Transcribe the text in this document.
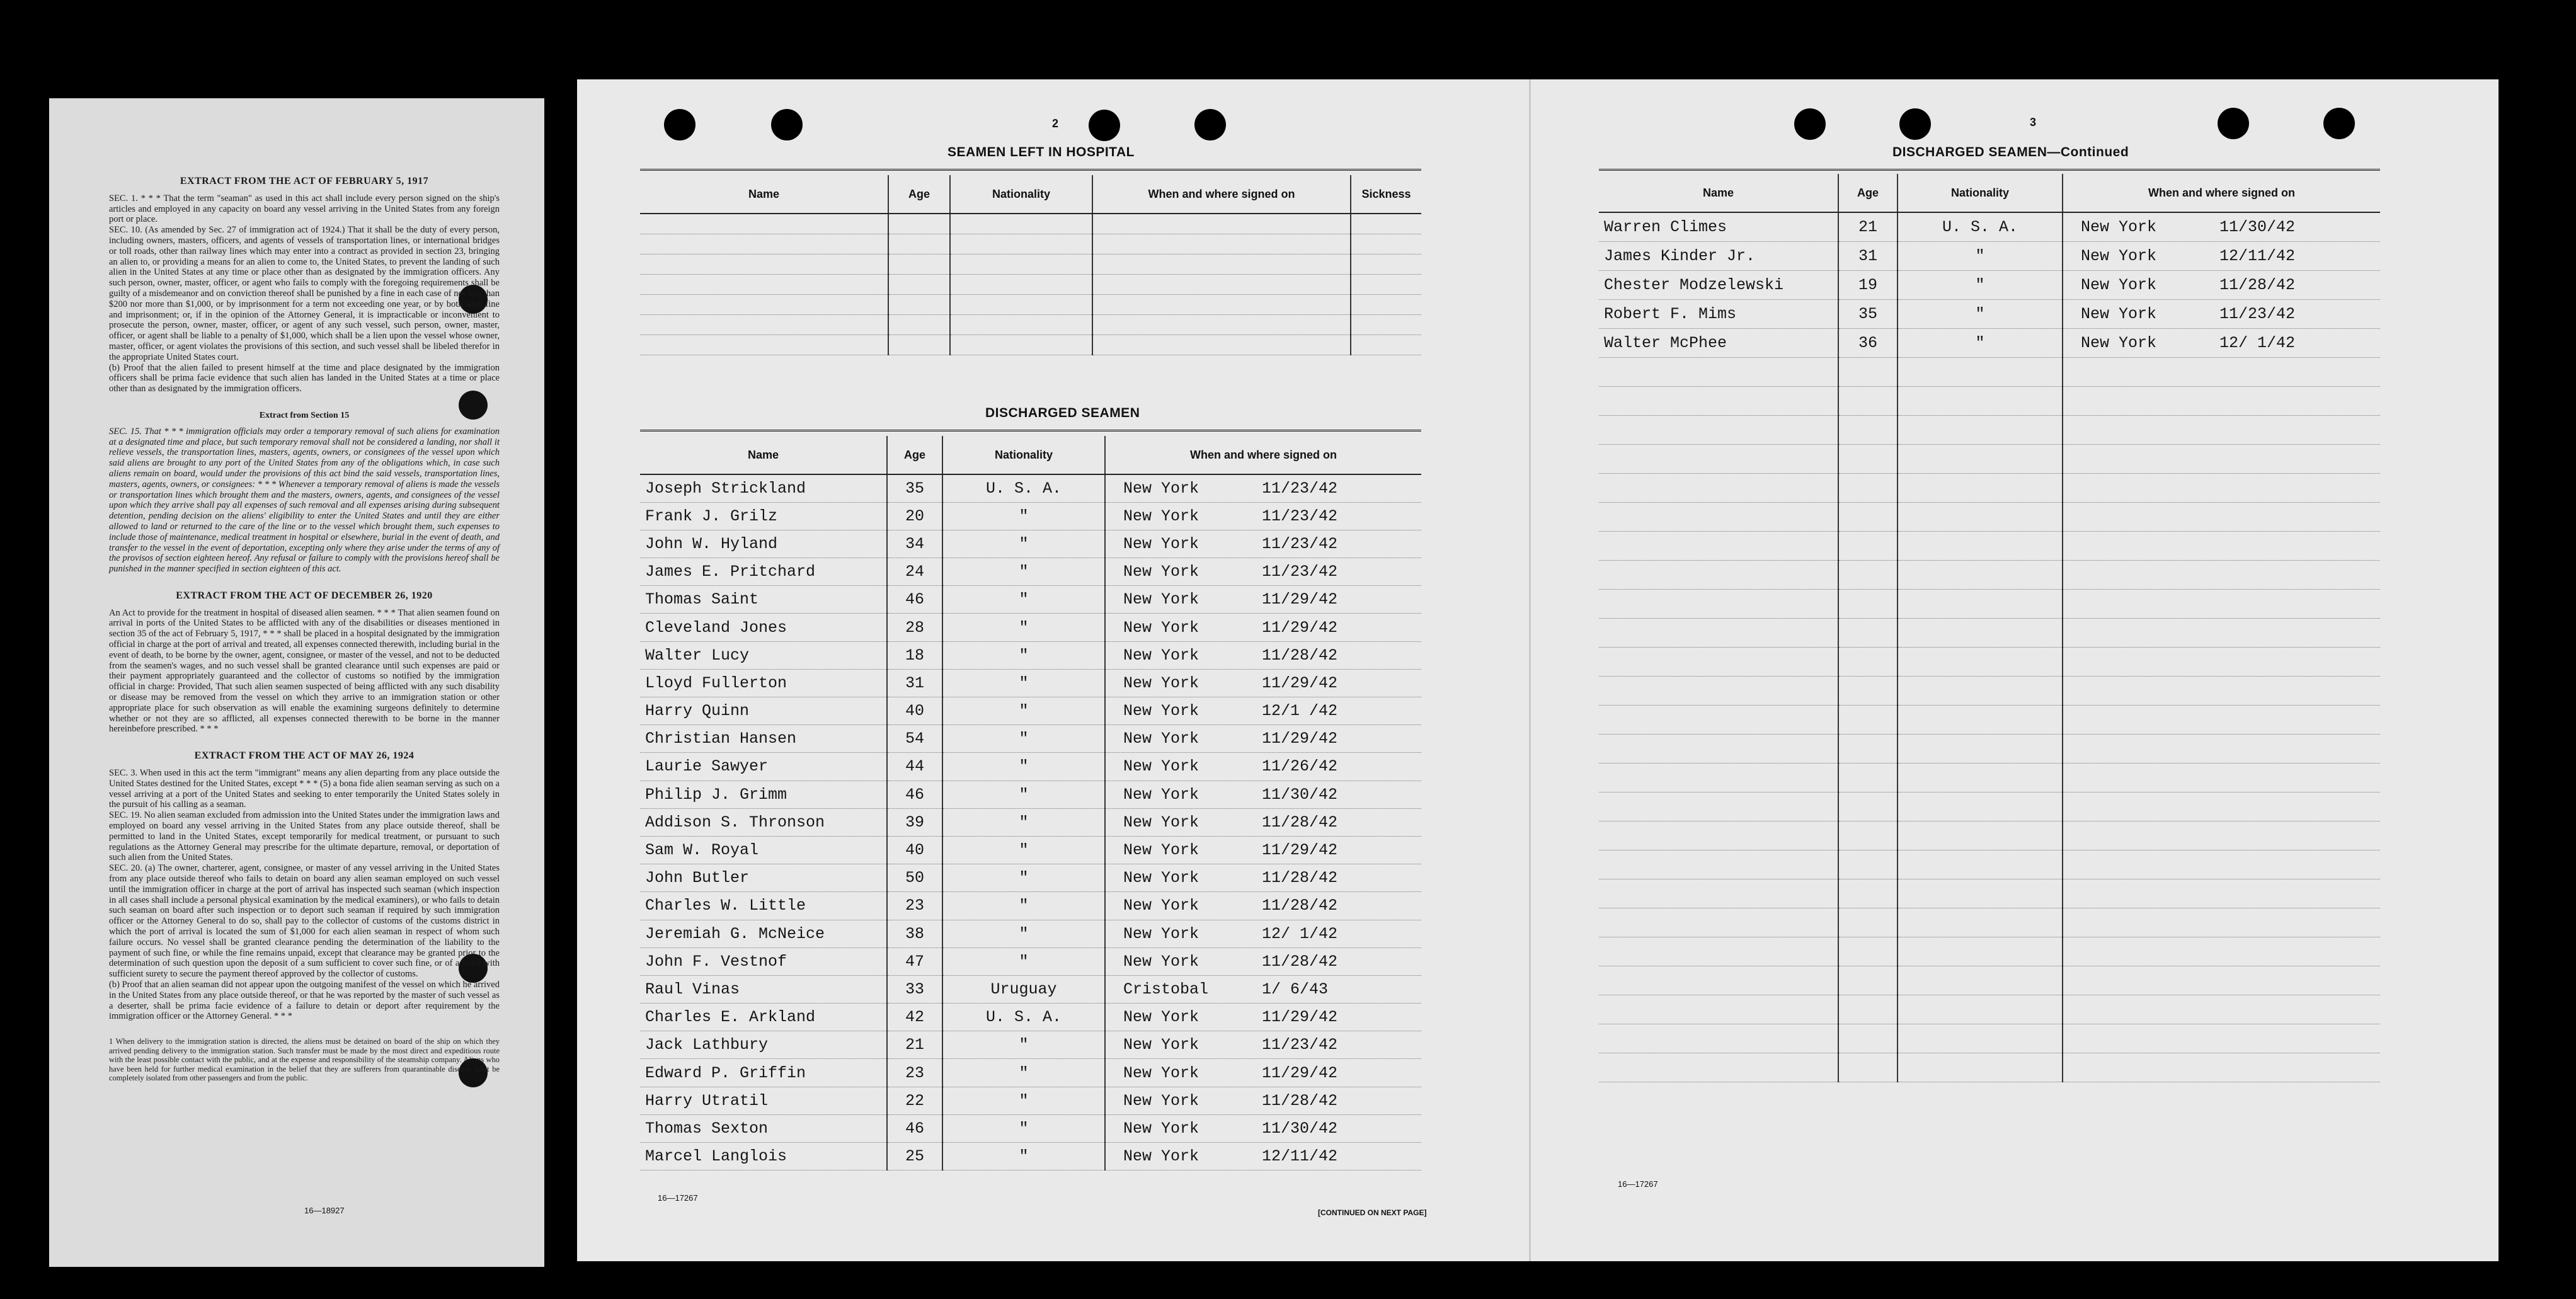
EXTRACT FROM THE ACT OF FEBRUARY 5, 1917

SEC. 1. * * * That the term "seaman" as used in this act shall include every person signed on the ship's articles and employed in any capacity on board any vessel arriving in the United States from any foreign port or place.

SEC. 10. (As amended by Sec. 27 of immigration act of 1924.) That it shall be the duty of every person, including owners, masters, officers, and agents of vessels of transportation lines, or international bridges or toll roads, other than railway lines which may enter into a contract as provided in section 23, bringing an alien to, or providing a means for an alien to come to, the United States, to prevent the landing of such alien in the United States at any time or place other than as designated by the immigration officers. Any such person, owner, master, officer, or agent who fails to comply with the foregoing requirements shall be guilty of a misdemeanor and on conviction thereof shall be punished by a fine in each case of not less than $200 nor more than $1,000, or by imprisonment for a term not exceeding one year, or by both such fine and imprisonment; or, if in the opinion of the Attorney General, it is impracticable or inconvenient to prosecute the person, owner, master, officer, or agent of any such vessel, such person, owner, master, officer, or agent shall be liable to a penalty of $1,000, which shall be a lien upon the vessel whose owner, master, officer, or agent violates the provisions of this section, and such vessel shall be libeled therefor in the appropriate United States court.

(b) Proof that the alien failed to present himself at the time and place designated by the immigration officers shall be prima facie evidence that such alien has landed in the United States at a time or place other than as designated by the immigration officers.

Extract from Section 15

SEC. 15. That * * * immigration officials may order a temporary removal of such aliens for examination at a designated time and place, but such temporary removal shall not be considered a landing, nor shall it relieve vessels, the transportation lines, masters, agents, owners, or consignees of the vessel upon which said aliens are brought to any port of the United States from any of the obligations which, in case such aliens remain on board, would under the provisions of this act bind the said vessels, transportation lines, masters, agents, owners, or consignees: * * * Whenever a temporary removal of aliens is made the vessels or transportation lines which brought them and the masters, owners, agents, and consignees of the vessel upon which they arrive shall pay all expenses of such removal and all expenses arising during subsequent detention, pending decision on the aliens' eligibility to enter the United States and until they are either allowed to land or returned to the care of the line or to the vessel which brought them, such expenses to include those of maintenance, medical treatment in hospital or elsewhere, burial in the event of death, and transfer to the vessel in the event of deportation, excepting only where they arise under the terms of any of the provisos of section eighteen hereof. Any refusal or failure to comply with the provisions hereof shall be punished in the manner specified in section eighteen of this act.

EXTRACT FROM THE ACT OF DECEMBER 26, 1920

An Act to provide for the treatment in hospital of diseased alien seamen. * * * That alien seamen found on arrival in ports of the United States to be afflicted with any of the disabilities or diseases mentioned in section 35 of the act of February 5, 1917, * * * shall be placed in a hospital designated by the immigration official in charge at the port of arrival and treated, all expenses connected therewith, including burial in the event of death, to be borne by the owner, agent, consignee, or master of the vessel, and not to be deducted from the seamen's wages, and no such vessel shall be granted clearance until such expenses are paid or their payment appropriately guaranteed and the collector of customs so notified by the immigration official in charge: Provided, That such alien seamen suspected of being afflicted with any such disability or disease may be removed from the vessel on which they arrive to an immigration station or other appropriate place for such observation as will enable the examining surgeons definitely to determine whether or not they are so afflicted, all expenses connected therewith to be borne in the manner hereinbefore prescribed. * * *

EXTRACT FROM THE ACT OF MAY 26, 1924

SEC. 3. When used in this act the term "immigrant" means any alien departing from any place outside the United States destined for the United States, except * * * (5) a bona fide alien seaman serving as such on a vessel arriving at a port of the United States and seeking to enter temporarily the United States solely in the pursuit of his calling as a seaman.

SEC. 19. No alien seaman excluded from admission into the United States under the immigration laws and employed on board any vessel arriving in the United States from any place outside thereof, shall be permitted to land in the United States, except temporarily for medical treatment, or pursuant to such regulations as the Attorney General may prescribe for the ultimate departure, removal, or deportation of such alien from the United States.

SEC. 20. (a) The owner, charterer, agent, consignee, or master of any vessel arriving in the United States from any place outside thereof who fails to detain on board any alien seaman employed on such vessel until the immigration officer in charge at the port of arrival has inspected such seaman (which inspection in all cases shall include a personal physical examination by the medical examiners), or who fails to detain such seaman on board after such inspection or to deport such seaman if required by such immigration officer or the Attorney General to do so, shall pay to the collector of customs of the customs district in which the port of arrival is located the sum of $1,000 for each alien seaman in respect of whom such failure occurs. No vessel shall be granted clearance pending the determination of the liability to the payment of such fine, or while the fine remains unpaid, except that clearance may be granted prior to the determination of such question upon the deposit of a sum sufficient to cover such fine, or of a bond with sufficient surety to secure the payment thereof approved by the collector of customs.

(b) Proof that an alien seaman did not appear upon the outgoing manifest of the vessel on which he arrived in the United States from any place outside thereof, or that he was reported by the master of such vessel as a deserter, shall be prima facie evidence of a failure to detain or deport after requirement by the immigration officer or the Attorney General. * * *

1 When delivery to the immigration station is directed, the aliens must be detained on board of the ship on which they arrived pending delivery to the immigration station. Such transfer must be made by the most direct and expeditious route with the least possible contact with the public, and at the expense and responsibility of the steamship company. Aliens who have been held for further medical examination in the belief that they are sufferers from quarantinable disease must be completely isolated from other passengers and from the public.

16—18927
2
SEAMEN LEFT IN HOSPITAL
Name	Age	Nationality	When and where signed on	Sickness

DISCHARGED SEAMEN
Name	Age	Nationality	When and where signed on
Joseph Strickland	35	U. S. A.	New York 11/23/42
Frank J. Grilz	20	"	New York 11/23/42
John W. Hyland	34	"	New York 11/23/42
James E. Pritchard	24	"	New York 11/23/42
Thomas Saint	46	"	New York 11/29/42
Cleveland Jones	28	"	New York 11/29/42
Walter Lucy	18	"	New York 11/28/42
Lloyd Fullerton	31	"	New York 11/29/42
Harry Quinn	40	"	New York 12/1 /42
Christian Hansen	54	"	New York 11/29/42
Laurie Sawyer	44	"	New York 11/26/42
Philip J. Grimm	46	"	New York 11/30/42
Addison S. Thronson	39	"	New York 11/28/42
Sam W. Royal	40	"	New York 11/29/42
John Butler	50	"	New York 11/28/42
Charles W. Little	23	"	New York 11/28/42
Jeremiah G. McNeice	38	"	New York 12/ 1/42
John F. Vestnof	47	"	New York 11/28/42
Raul Vinas	33	Uruguay	Cristobal 1/ 6/43
Charles E. Arkland	42	U. S. A.	New York 11/29/42
Jack Lathbury	21	"	New York 11/23/42
Edward P. Griffin	23	"	New York 11/29/42
Harry Utratil	22	"	New York 11/28/42
Thomas Sexton	46	"	New York 11/30/42
Marcel Langlois	25	"	New York 12/11/42
16—17267
[CONTINUED ON NEXT PAGE]
3
DISCHARGED SEAMEN—Continued
Name	Age	Nationality	When and where signed on
Warren Climes	21	U. S. A.	New York 11/30/42
James Kinder Jr.	31	"	New York 12/11/42
Chester Modzelewski	19	"	New York 11/28/42
Robert F. Mims	35	"	New York 11/23/42
Walter McPhee	36	"	New York 12/ 1/42

16—17267
